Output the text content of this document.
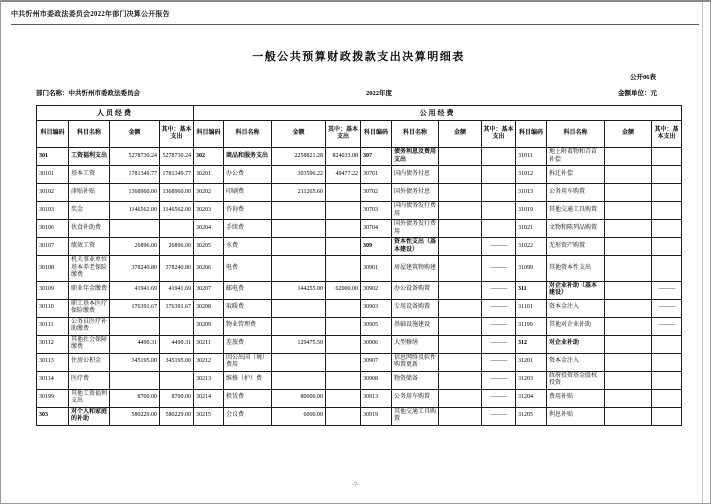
中共忻州市委政法委员会2022年部门决算公开报告
一般公共预算财政拨款支出决算明细表
公开06表
部门名称：中共忻州市委政法委员会	2022年度	金额单位：元
人员经费				公用经费											
科目编码	科目名称	金额	其中：基本支出	科目编码	科目名称	金额	其中：基本支出	科目编码	科目名称	金额	其中：基本支出	科目编码	科目名称	金额	其中：基本支出
301	工资福利支出	5278730.24	5278730.24	302	商品和服务支出	2258821.28	824033.08	307	债务利息及费用支出			31011	地上附着物和青苗补偿		
30101	基本工资	1781349.77	1781349.77	30201	办公费	303596.22	49477.22	30701	国内债务付息			31012	拆迁补偿		
30102	津贴补贴	1368960.00	1368960.00	30202	印刷费	211265.60		30702	国外债务付息			31013	公务用车购置		
30103	奖金	1146562.00	1146562.00	30203	咨询费			30703	国内债务发行费用			31019	其他交通工具购置		
30106	伙食补助费			30204	手续费			30704	国外债务发行费用			31021	文物和陈列品购置		
30107	绩效工资	26896.00	26896.00	30205	水费			309	资本性支出（基本建设）		———	31022	无形资产购置		
30108	机关事业单位基本养老保险缴费	378240.80	378240.80	30206	电费			30901	房屋建筑物购建		———	31099	其他资本性支出		
30109	职业年金缴费	41941.69	41941.69	30207	邮电费	144255.00	62000.00	30902	办公设备购置		———	311	对企业补助（基本建设）		———
30110	职工基本医疗保险缴费	176391.67	176391.67	30208	取暖费			30903	专用设备购置		———	31101	资本金注入		———
30111	公务员医疗补助缴费			30209	物业管理费			30905	基础设施建设		———	31199	其他对企业补助		———
30112	其他社会保障缴费	4490.31	4490.31	30211	差旅费	129475.50		30906	大型修缮		———	312	对企业补助		
30113	住房公积金	345195.00	345195.00	30212	因公出国（境）费用			30907	信息网络及软件购置更新		———	31201	资本金注入		
30114	医疗费			30213	维修（护）费			30908	物资储备		———	31203	政府投资基金股权投资		
30199	其他工资福利支出	8700.00	8700.00	30214	租赁费	80000.00		30913	公务用车购置		———	31204	费用补贴		
303	对个人和家庭的补助	580229.00	580229.00	30215	会议费	6000.00		30919	其他交通工具购置		———	31205	利息补贴		
-7-
